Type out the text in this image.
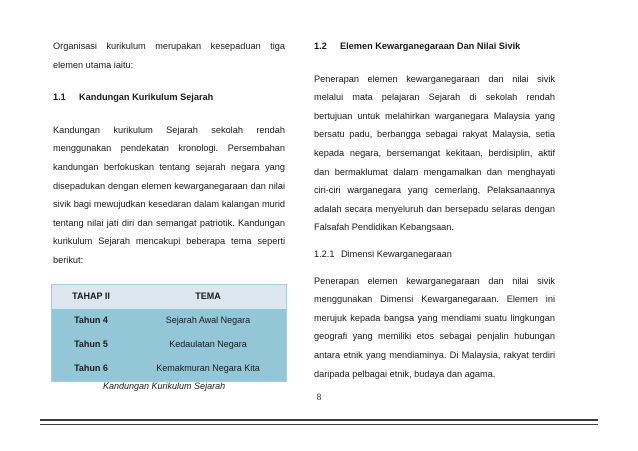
Organisasi kurikulum merupakan kesepaduan tiga elemen utama iaitu:

1.1 Kandungan Kurikulum Sejarah

Kandungan kurikulum Sejarah sekolah rendah menggunakan pendekatan kronologi. Persembahan kandungan berfokuskan tentang sejarah negara yang disepadukan dengan elemen kewarganegaraan dan nilai sivik bagi mewujudkan kesedaran dalam kalangan murid tentang nilai jati diri dan semangat patriotik. Kandungan kurikulum Sejarah mencakupi beberapa tema seperti berikut:

TAHAP II	TEMA
Tahun 4	Sejarah Awal Negara
Tahun 5	Kedaulatan Negara
Tahun 6	Kemakmuran Negara Kita
Kandungan Kurikulum Sejarah

1.2 Elemen Kewarganegaraan Dan Nilai Sivik

Penerapan elemen kewarganegaraan dan nilai sivik melalui mata pelajaran Sejarah di sekolah rendah bertujuan untuk melahirkan warganegara Malaysia yang bersatu padu, berbangga sebagai rakyat Malaysia, setia kepada negara, bersemangat kekitaan, berdisiplin, aktif dan bermaklumat dalam mengamalkan dan menghayati ciri-ciri warganegara yang cemerlang. Pelaksanaannya adalah secara menyeluruh dan bersepadu selaras dengan Falsafah Pendidikan Kebangsaan.

1.2.1 Dimensi Kewarganegaraan

Penerapan elemen kewarganegaraan dan nilai sivik menggunakan Dimensi Kewarganegaraan. Elemen ini merujuk kepada bangsa yang mendiami suatu lingkungan geografi yang memiliki etos sebagai penjalin hubungan antara etnik yang mendiaminya. Di Malaysia, rakyat terdiri daripada pelbagai etnik, budaya dan agama.

8
